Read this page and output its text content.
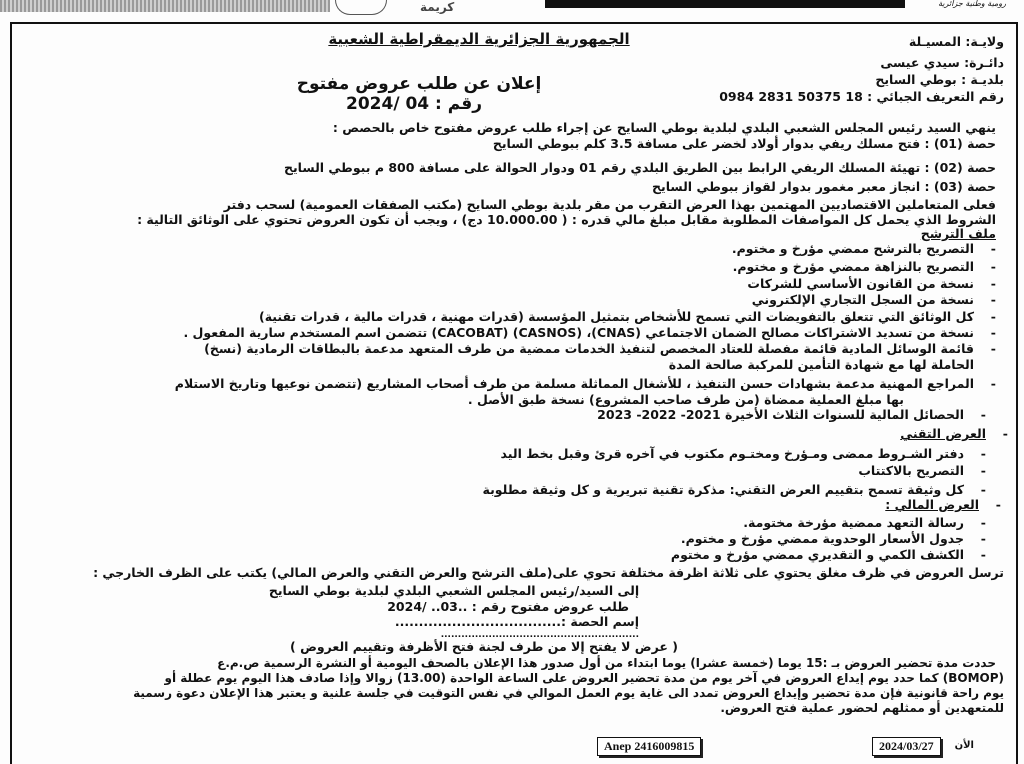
كريمة	رومية وطنية جزائرية
الجمهورية الجزائرية الديمقراطية الشعبية	ولايـة: المسيـلة
دائـرة: سيدي عيسى
بلديـة : بوطي السايح
رقم التعريف الجبائي : 18 50375 2831 0984
إعلان عن طلب عروض مفتوح
رقم : 04 /2024
ينهي السيد رئيس المجلس الشعبي البلدي لبلدية بوطي السايح عن إجراء طلب عروض مفتوح خاص بالحصص :
حصة (01) : فتح مسلك ريفي بدوار أولاد لخضر على مسافة 3.5 كلم ببوطي السايح
حصة (02) : تهيئة المسلك الريفي الرابط بين الطريق البلدي رقم 01 ودوار الحوالة على مسافة 800 م ببوطي السايح
حصة (03) : انجاز معبر مغمور بدوار لقواز ببوطي السايح
فعلى المتعاملين الاقتصاديين المهتمين بهذا العرض التقرب من مقر بلدية بوطي السايح (مكتب الصفقات العمومية) لسحب دفتر
الشروط الذي يحمل كل المواصفات المطلوبة مقابل مبلغ مالي قدره : ( 10.000.00 دج) ، ويجب أن تكون العروض تحتوي على الوثائق التالية :
ملف الترشح
- التصريح بالترشح ممضي مؤرخ و مختوم.
- التصريح بالنزاهة ممضي مؤرخ و مختوم.
- نسخة من القانون الأساسي للشركات
- نسخة من السجل التجاري الإلكتروني
- كل الوثائق التي تتعلق بالتفويضات التي تسمح للأشخاص بتمثيل المؤسسة (قدرات مهنية ، قدرات مالية ، قدرات تقنية)
- نسخة من تسديد الاشتراكات مصالح الضمان الاجتماعي (CNAS)، (CASNOS) (CACOBAT) تتضمن اسم المستخدم سارية المفعول .
- قائمة الوسائل المادية قائمة مفصلة للعتاد المخصص لتنفيذ الخدمات ممضية من طرف المتعهد مدعمة بالبطاقات الرمادية (نسخ)
الحاملة لها مع شهادة التأمين للمركبة صالحة المدة
- المراجع المهنية مدعمة بشهادات حسن التنفيذ ، للأشغال المماثلة مسلمة من طرف أصحاب المشاريع (تتضمن نوعيها وتاريخ الاستلام
بها مبلغ العملية ممضاة (من طرف صاحب المشروع) نسخة طبق الأصل .
- الحصائل المالية للسنوات الثلاث الأخيرة 2021- 2022- 2023
- العرض التقني
- دفتر الشـروط ممضى ومـؤرخ ومختـوم مكتوب في آخره قرئ وقبل بخط اليد
- التصريح بالاكتتاب
- كل وثيقة تسمح بتقييم العرض التقني: مذكرة تقنية تبريرية و كل وثيقة مطلوبة
- العرض المالي :
- رسالة التعهد ممضية مؤرخة مختومة.
- جدول الأسعار الوحدوية ممضي مؤرخ و مختوم.
- الكشف الكمي و التقديري ممضي مؤرخ و مختوم
ترسل العروض في ظرف مغلق يحتوي على ثلاثة اظرفة مختلفة تحوي على(ملف الترشح والعرض التقني والعرض المالي) يكتب على الظرف الخارجي :
إلى السيد/رئيس المجلس الشعبي البلدي لبلدية بوطي السايح
طلب عروض مفتوح رقم : ..03.. /2024
إسم الحصة :...................................
..........................................................
( عرض لا يفتح إلا من طرف لجنة فتح الأظرفة وتقييم العروض )
حددت مدة تحضير العروض بـ :15 يوما (خمسة عشرا) يوما ابتداء من أول صدور هذا الإعلان بالصحف اليومية أو النشرة الرسمية ص.م.ع
(BOMOP) كما حدد يوم إيداع العروض في آخر يوم من مدة تحضير العروض على الساعة الواحدة (13.00) زوالا وإذا صادف هذا اليوم يوم عطلة أو
يوم راحة قانونية فإن مدة تحضير وإيداع العروض تمدد الى غاية يوم العمل الموالي في نفس التوقيت في جلسة علنية و يعتبر هذا الإعلان دعوة رسمية
للمتعهدين أو ممثلهم لحضور عملية فتح العروض.
Anep 2416009815	2024/03/27	الأن
